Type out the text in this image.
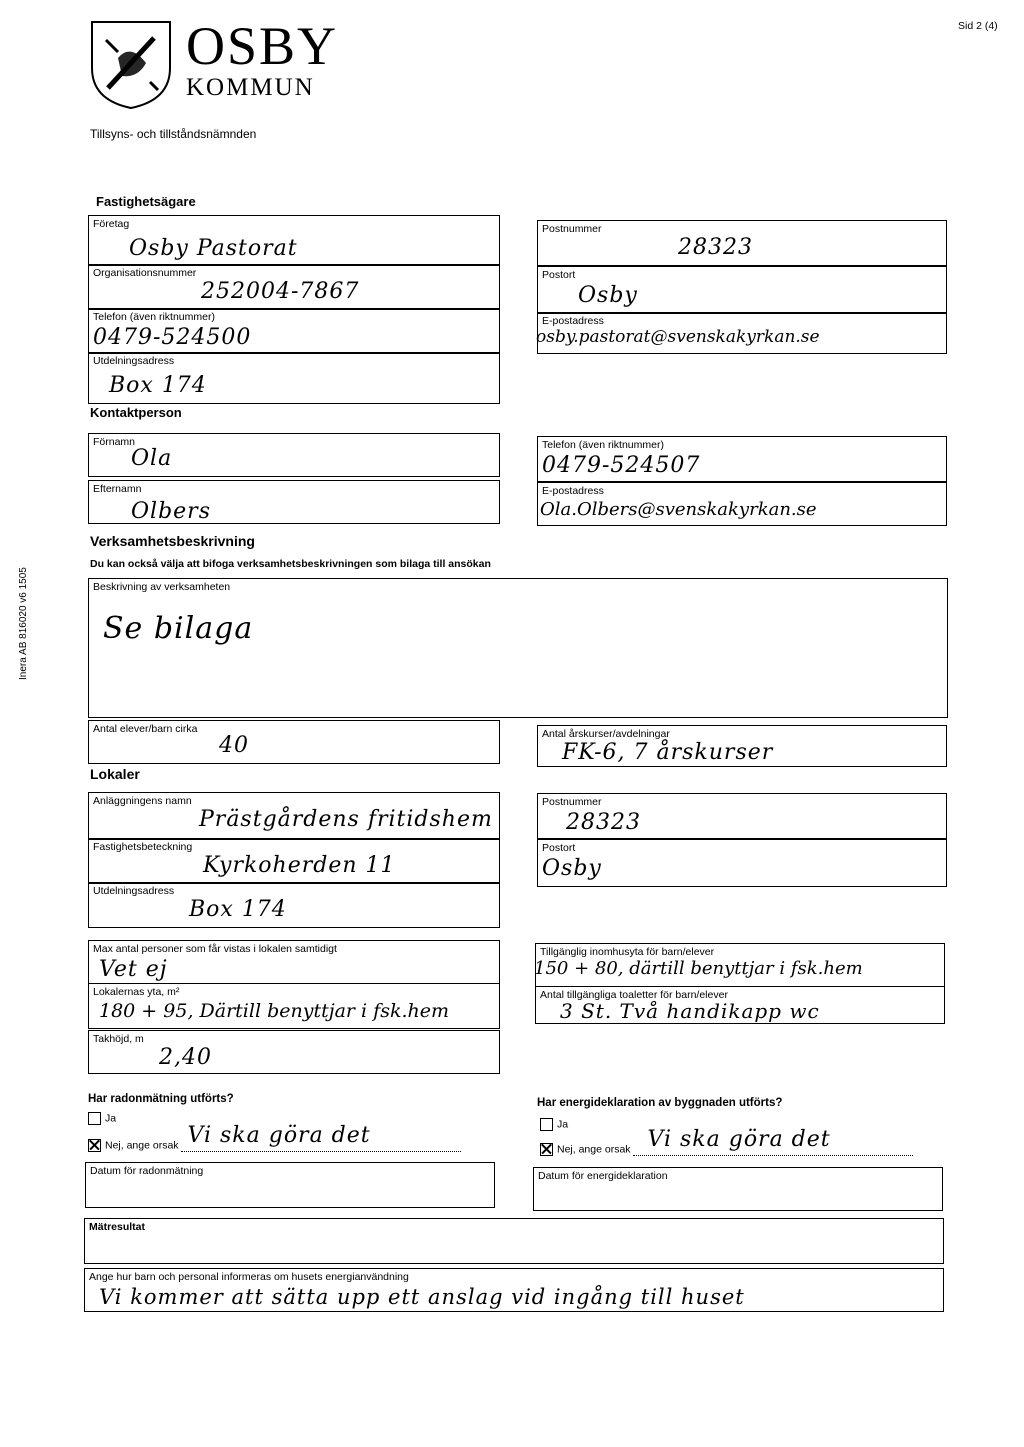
OSBY
KOMMUN
Sid 2 (4)
Tillsyns- och tillståndsnämnden
Inera AB 816020 v6 1505
Fastighetsägare
Företag
Osby Pastorat
Organisationsnummer
252004-7867
Telefon (även riktnummer)
0479-524500
Utdelningsadress
Box 174
Postnummer
28323
Postort
Osby
E-postadress
osby.pastorat@svenskakyrkan.se
Kontaktperson
Förnamn
Ola
Efternamn
Olbers
Telefon (även riktnummer)
0479-524507
E-postadress
Ola.Olbers@svenskakyrkan.se
Verksamhetsbeskrivning
Du kan också välja att bifoga verksamhetsbeskrivningen som bilaga till ansökan
Beskrivning av verksamheten
Se bilaga
Antal elever/barn cirka
40	Antal årskurser/avdelningar
FK-6, 7 årskurser
Lokaler
Anläggningens namn
Prästgårdens fritidshem
Fastighetsbeteckning
Kyrkoherden 11
Utdelningsadress
Box 174
Postnummer
28323
Postort
Osby
Max antal personer som får vistas i lokalen samtidigt
Vet ej
Lokalernas yta, m²
180 + 95, Därtill benyttjar i fsk.hem
Takhöjd, m
2,40
Tillgänglig inomhusyta för barn/elever
150 + 80, därtill benyttjar i fsk.hem
Antal tillgängliga toaletter för barn/elever
3 St. Två handikapp wc
Har radonmätning utförts?
Ja
Nej, ange orsak Vi ska göra det
Datum för radonmätning
Mätresultat
Har energideklaration av byggnaden utförts?
Ja
Nej, ange orsak Vi ska göra det
Datum för energideklaration
Ange hur barn och personal informeras om husets energianvändning
Vi kommer att sätta upp ett anslag vid ingång till huset
